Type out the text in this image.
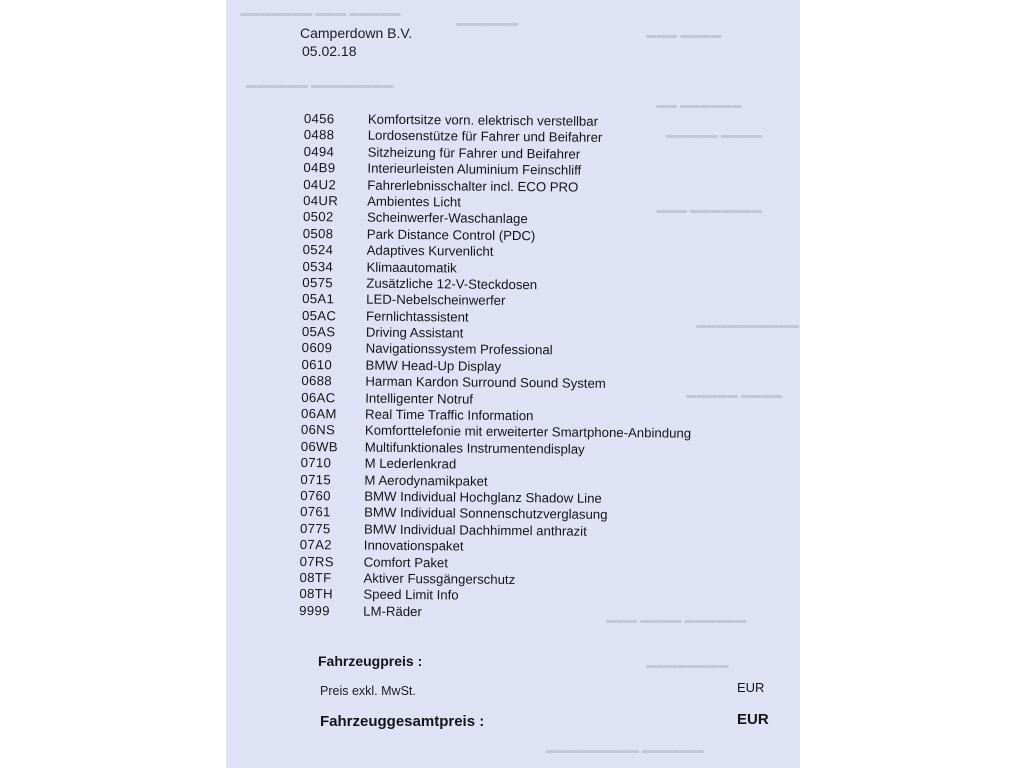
▬▬▬▬▬ ▬▬▬ ▬▬▬▬▬▬▬
▬▬▬▬▬▬
▬▬▬▬ ▬▬▬
▬▬▬▬▬▬▬▬ ▬▬▬▬▬▬
▬▬▬▬▬▬ ▬▬
▬▬▬▬ ▬▬▬▬▬
▬▬▬▬▬▬▬ ▬▬▬
▬▬▬▬▬▬▬▬▬▬
▬▬▬▬ ▬▬▬▬▬
▬▬▬▬▬▬ ▬▬▬▬ ▬▬▬
▬▬▬▬▬▬▬▬
▬▬▬▬▬▬ ▬▬▬▬▬▬▬▬▬
Camperdown B.V.
05.02.18
0456	Komfortsitze vorn. elektrisch verstellbar
0488	Lordosenstütze für Fahrer und Beifahrer
0494	Sitzheizung für Fahrer und Beifahrer
04B9 Interieurleisten Aluminium Feinschliff
04U2 Fahrerlebnisschalter incl. ECO PRO
04UR Ambientes Licht
0502	Scheinwerfer-Waschanlage
0508	Park Distance Control (PDC)
0524	Adaptives Kurvenlicht
0534	Klimaautomatik
0575	Zusätzliche 12-V-Steckdosen
05A1 LED-Nebelscheinwerfer
05AC Fernlichtassistent
05AS Driving Assistant
0609	Navigationssystem Professional
0610	BMW Head-Up Display
0688	Harman Kardon Surround Sound System
06AC Intelligenter Notruf
06AM Real Time Traffic Information
06NS Komforttelefonie mit erweiterter Smartphone-Anbindung
06WB Multifunktionales Instrumentendisplay
0710	M Lederlenkrad
0715	M Aerodynamikpaket
0760	BMW Individual Hochglanz Shadow Line
0761	BMW Individual Sonnenschutzverglasung
0775	BMW Individual Dachhimmel anthrazit
07A2 Innovationspaket
07RS Comfort Paket
08TF Aktiver Fussgängerschutz
08TH Speed Limit Info
9999	LM-Räder
Fahrzeugpreis :
Preis exkl. MwSt.	EUR
Fahrzeuggesamtpreis :	EUR
